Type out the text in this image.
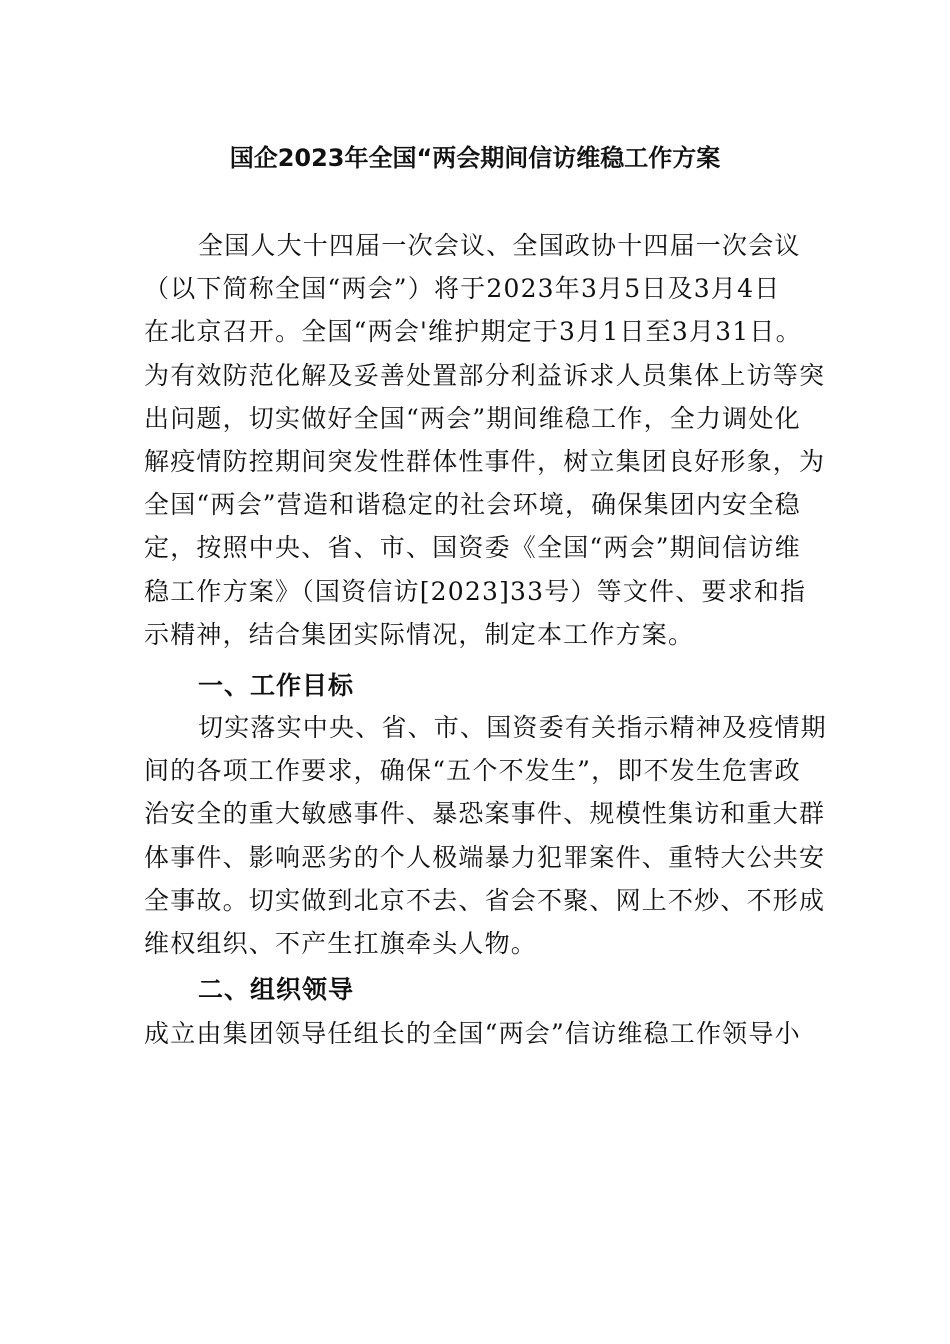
国企2023年全国“两会期间信访维稳工作方案
全国人大十四届一次会议、全国政协十四届一次会议
（以下简称全国“两会”）将于2023年3月5日及3月4日
在北京召开。全国“两会'维护期定于3月1日至3月31日。
为有效防范化解及妥善处置部分利益诉求人员集体上访等突
出问题，切实做好全国“两会”期间维稳工作，全力调处化
解疫情防控期间突发性群体性事件，树立集团良好形象，为
全国“两会”营造和谐稳定的社会环境，确保集团内安全稳
定，按照中央、省、市、国资委《全国“两会”期间信访维
稳工作方案》（国资信访[2023]33号）等文件、要求和指
示精神，结合集团实际情况，制定本工作方案。
一、工作目标
切实落实中央、省、市、国资委有关指示精神及疫情期
间的各项工作要求，确保“五个不发生”，即不发生危害政
治安全的重大敏感事件、暴恐案事件、规模性集访和重大群
体事件、影响恶劣的个人极端暴力犯罪案件、重特大公共安
全事故。切实做到北京不去、省会不聚、网上不炒、不形成
维权组织、不产生扛旗牵头人物。
二、组织领导
成立由集团领导任组长的全国“两会”信访维稳工作领导小
